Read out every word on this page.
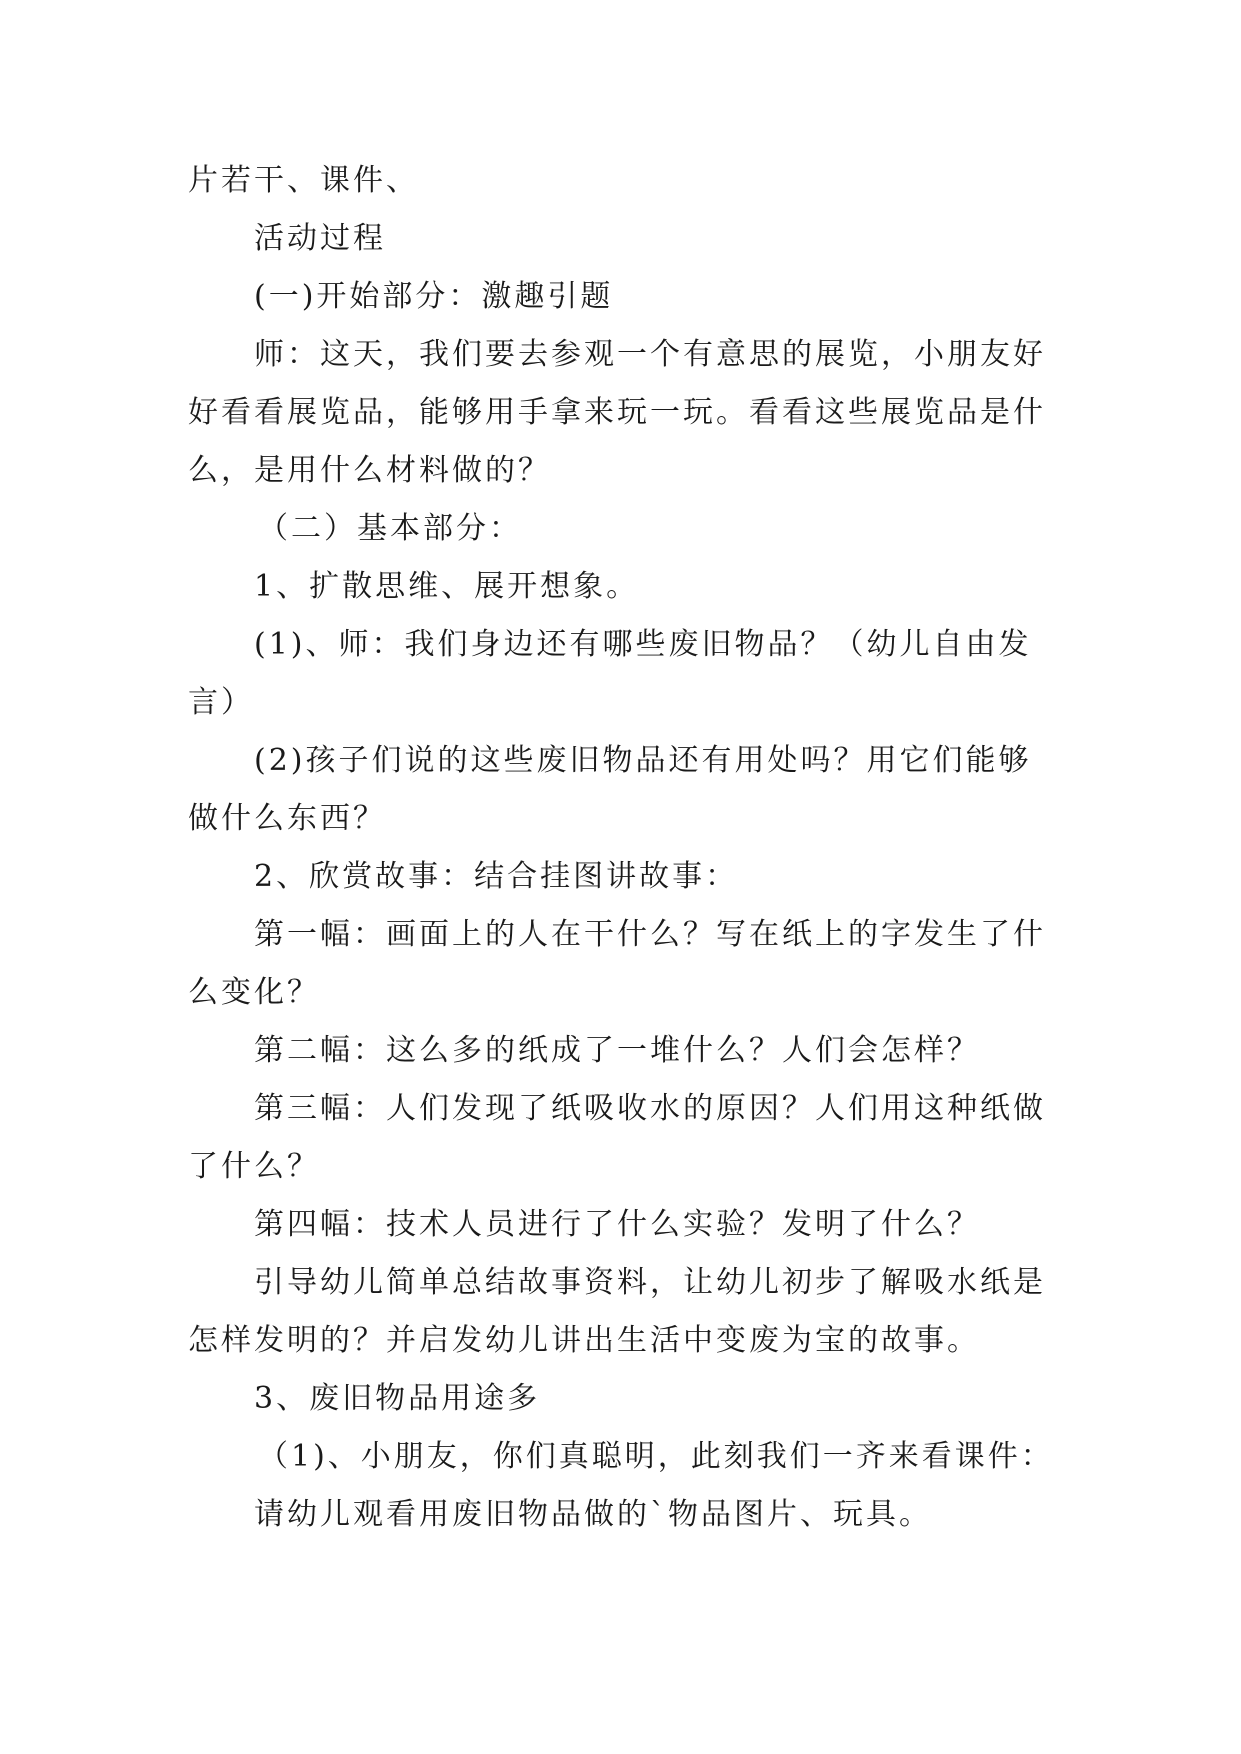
片若干、课件、
活动过程
(一)开始部分：激趣引题
师：这天，我们要去参观一个有意思的展览，小朋友好
好看看展览品，能够用手拿来玩一玩。看看这些展览品是什
么，是用什么材料做的？
（二）基本部分：
1、扩散思维、展开想象。
(1)、师：我们身边还有哪些废旧物品？（幼儿自由发
言）
(2)孩子们说的这些废旧物品还有用处吗？用它们能够
做什么东西？
2、欣赏故事：结合挂图讲故事：
第一幅：画面上的人在干什么？写在纸上的字发生了什
么变化？
第二幅：这么多的纸成了一堆什么？人们会怎样？
第三幅：人们发现了纸吸收水的原因？人们用这种纸做
了什么？
第四幅：技术人员进行了什么实验？发明了什么？
引导幼儿简单总结故事资料，让幼儿初步了解吸水纸是
怎样发明的？并启发幼儿讲出生活中变废为宝的故事。
3、废旧物品用途多
（1)、小朋友，你们真聪明，此刻我们一齐来看课件：
请幼儿观看用废旧物品做的`物品图片、玩具。
